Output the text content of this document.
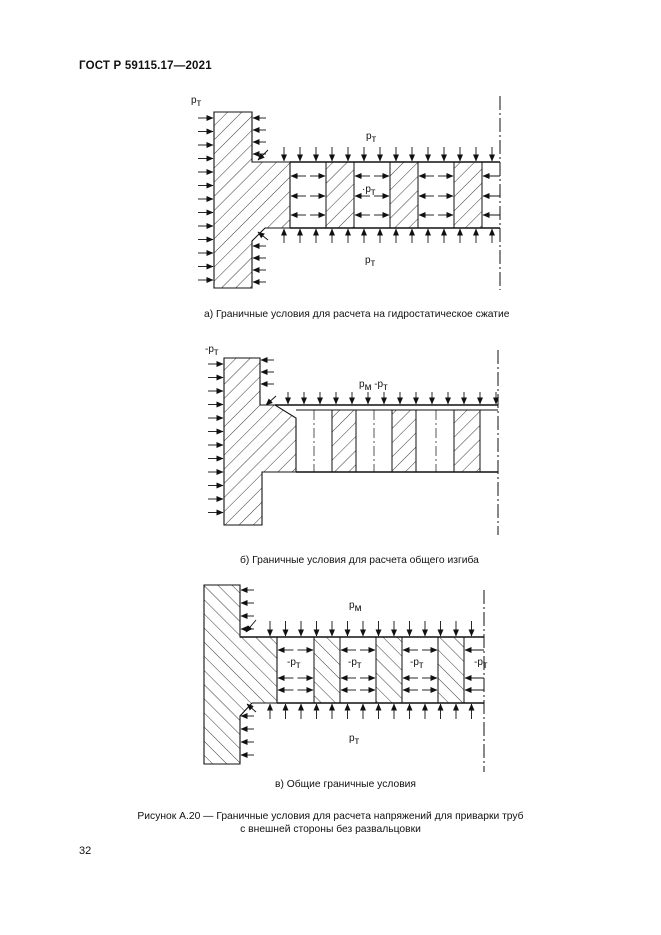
ГОСТ Р 59115.17—2021
pт
pт
·pт
pт
-pт
pм -pт
pм
-pт	-pт	-pт	-pт
pт
а) Граничные условия для расчета на гидростатическое сжатие
б) Граничные условия для расчета общего изгиба
в) Общие граничные условия
Рисунок А.20 — Граничные условия для расчета напряжений для приварки труб
с внешней стороны без развальцовки
32
